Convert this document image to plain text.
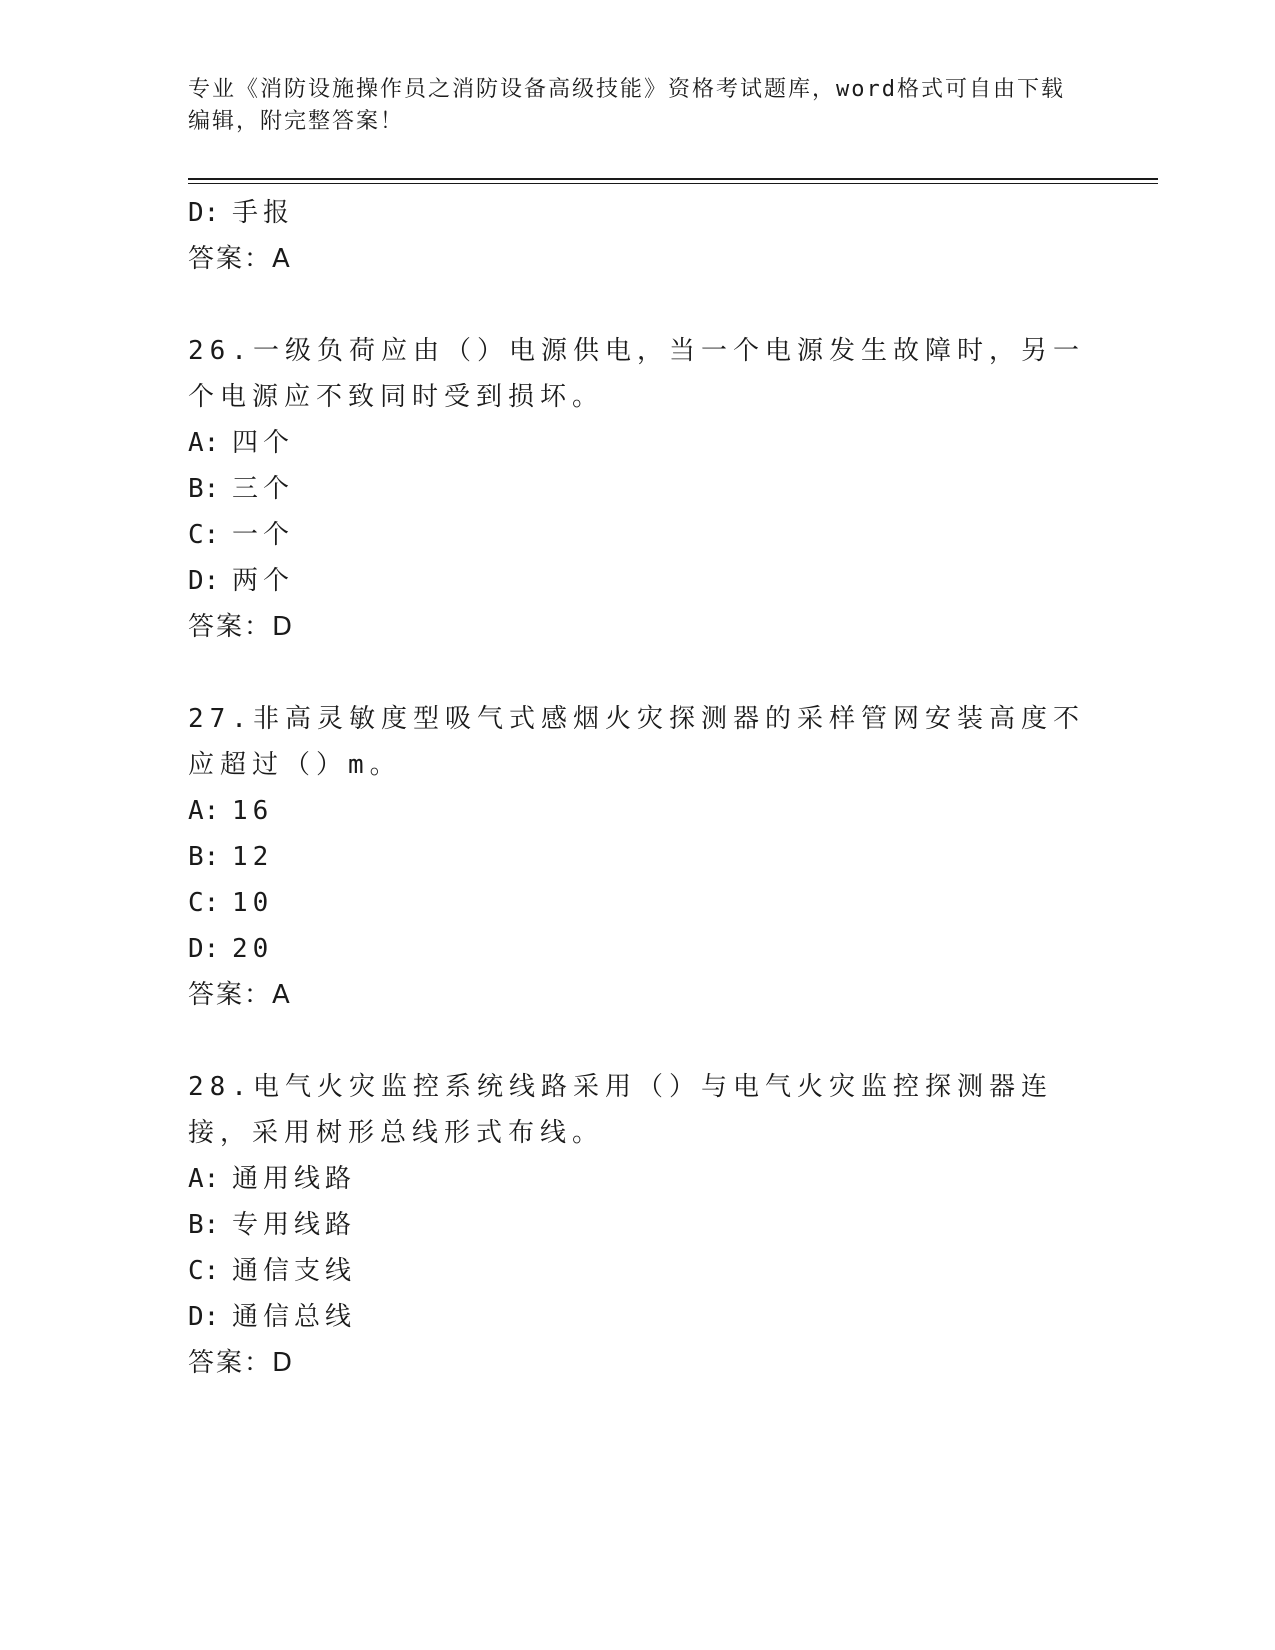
专业《消防设施操作员之消防设备高级技能》资格考试题库，word格式可自由下载编辑，附完整答案！
D: 手报
答案：A
26.一级负荷应由（）电源供电，当一个电源发生故障时，另一个电源应不致同时受到损坏。
A: 四个
B: 三个
C: 一个
D: 两个
答案：D
27.非高灵敏度型吸气式感烟火灾探测器的采样管网安装高度不应超过（）m。
A: 16
B: 12
C: 10
D: 20
答案：A
28.电气火灾监控系统线路采用（）与电气火灾监控探测器连接，采用树形总线形式布线。
A: 通用线路
B: 专用线路
C: 通信支线
D: 通信总线
答案：D
